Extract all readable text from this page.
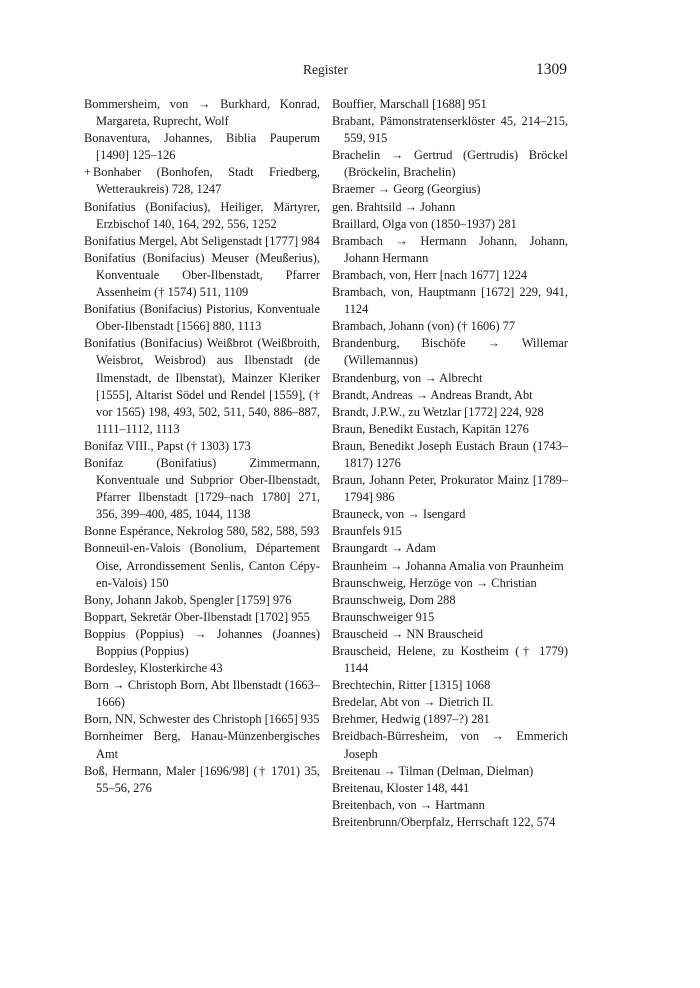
Register	1309
Bommersheim, von → Burkhard, Konrad, Margareta, Ruprecht, Wolf
Bonaventura, Johannes, Biblia Pauperum [1490] 125–126
+ Bonhaber (Bonhofen, Stadt Friedberg, Wetteraukreis) 728, 1247
Bonifatius (Bonifacius), Heiliger, Märtyrer, Erzbischof 140, 164, 292, 556, 1252
Bonifatius Mergel, Abt Seligenstadt [1777] 984
Bonifatius (Bonifacius) Meuser (Meußerius), Konventuale Ober-Ilbenstadt, Pfarrer Assenheim († 1574) 511, 1109
Bonifatius (Bonifacius) Pistorius, Konventuale Ober-Ilbenstadt [1566] 880, 1113
Bonifatius (Bonifacius) Weißbrot (Weißbroith, Weisbrot, Weisbrod) aus Ilbenstadt (de Ilmenstadt, de Ilbenstat), Mainzer Kleriker [1555], Altarist Södel und Rendel [1559], († vor 1565) 198, 493, 502, 511, 540, 886–887, 1111–1112, 1113
Bonifaz VIII., Papst († 1303) 173
Bonifaz (Bonifatius) Zimmermann, Konventuale und Subprior Ober-Ilbenstadt, Pfarrer Ilbenstadt [1729–nach 1780] 271, 356, 399–400, 485, 1044, 1138
Bonne Espérance, Nekrolog 580, 582, 588, 593
Bonneuil-en-Valois (Bonolium, Département Oise, Arrondissement Senlis, Canton Cépy-en-Valois) 150
Bony, Johann Jakob, Spengler [1759] 976
Boppart, Sekretär Ober-Ilbenstadt [1702] 955
Boppius (Poppius) → Johannes (Joannes) Boppius (Poppius)
Bordesley, Klosterkirche 43
Born → Christoph Born, Abt Ilbenstadt (1663–1666)
Born, NN, Schwester des Christoph [1665] 935
Bornheimer Berg, Hanau-Münzenbergisches Amt
Boß, Hermann, Maler [1696/98] († 1701) 35, 55–56, 276
Bouffier, Marschall [1688] 951
Brabant, Pämonstratenserklöster 45, 214–215, 559, 915
Brachelin → Gertrud (Gertrudis) Bröckel (Bröckelin, Brachelin)
Braemer → Georg (Georgius)
gen. Brahtsild → Johann
Braillard, Olga von (1850–1937) 281
Brambach → Hermann Johann, Johann, Johann Hermann
Brambach, von, Herr [nach 1677] 1224
Brambach, von, Hauptmann [1672] 229, 941, 1124
Brambach, Johann (von) († 1606) 77
Brandenburg, Bischöfe → Willemar (Willemannus)
Brandenburg, von → Albrecht
Brandt, Andreas → Andreas Brandt, Abt
Brandt, J.P.W., zu Wetzlar [1772] 224, 928
Braun, Benedikt Eustach, Kapitän 1276
Braun, Benedikt Joseph Eustach Braun (1743–1817) 1276
Braun, Johann Peter, Prokurator Mainz [1789–1794] 986
Brauneck, von → Isengard
Braunfels 915
Braungardt → Adam
Braunheim → Johanna Amalia von Praunheim
Braunschweig, Herzöge von → Christian
Braunschweig, Dom 288
Braunschweiger 915
Brauscheid → NN Brauscheid
Brauscheid, Helene, zu Kostheim († 1779) 1144
Brechtechin, Ritter [1315] 1068
Bredelar, Abt von → Dietrich II.
Brehmer, Hedwig (1897–?) 281
Breidbach-Bürresheim, von → Emmerich Joseph
Breitenau → Tilman (Delman, Dielman)
Breitenau, Kloster 148, 441
Breitenbach, von → Hartmann
Breitenbrunn/Oberpfalz, Herrschaft 122, 574
